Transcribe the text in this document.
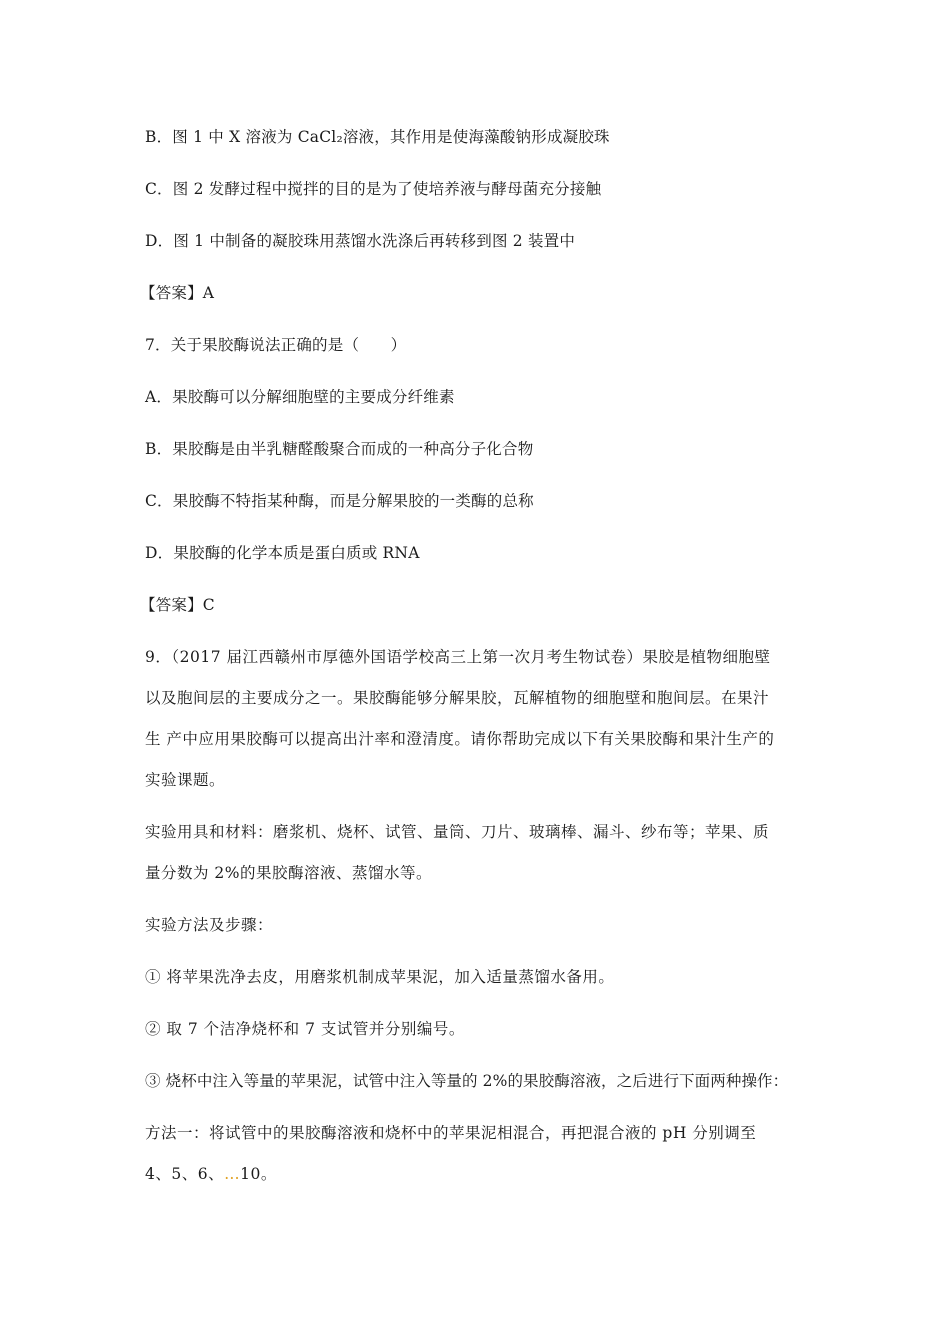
B．图 1 中 X 溶液为 CaCl₂溶液，其作用是使海藻酸钠形成凝胶珠
C．图 2 发酵过程中搅拌的目的是为了使培养液与酵母菌充分接触
D．图 1 中制备的凝胶珠用蒸馏水洗涤后再转移到图 2 装置中
【答案】A
7．关于果胶酶说法正确的是（　　）
A．果胶酶可以分解细胞壁的主要成分纤维素
B．果胶酶是由半乳糖醛酸聚合而成的一种高分子化合物
C．果胶酶不特指某种酶，而是分解果胶的一类酶的总称
D．果胶酶的化学本质是蛋白质或 RNA
【答案】C
9．（2017 届江西赣州市厚德外国语学校高三上第一次月考生物试卷）果胶是植物细胞壁
以及胞间层的主要成分之一。果胶酶能够分解果胶，瓦解植物的细胞壁和胞间层。在果汁
生 产中应用果胶酶可以提高出汁率和澄清度。请你帮助完成以下有关果胶酶和果汁生产的
实验课题。
实验用具和材料：磨浆机、烧杯、试管、量筒、刀片、玻璃棒、漏斗、纱布等；苹果、质
量分数为 2%的果胶酶溶液、蒸馏水等。
实验方法及步骤：
① 将苹果洗净去皮，用磨浆机制成苹果泥，加入适量蒸馏水备用。
② 取 7 个洁净烧杯和 7 支试管并分别编号。
③ 烧杯中注入等量的苹果泥，试管中注入等量的 2%的果胶酶溶液，之后进行下面两种操作：
方法一：将试管中的果胶酶溶液和烧杯中的苹果泥相混合，再把混合液的 pH 分别调至
4、5、6、…10。
